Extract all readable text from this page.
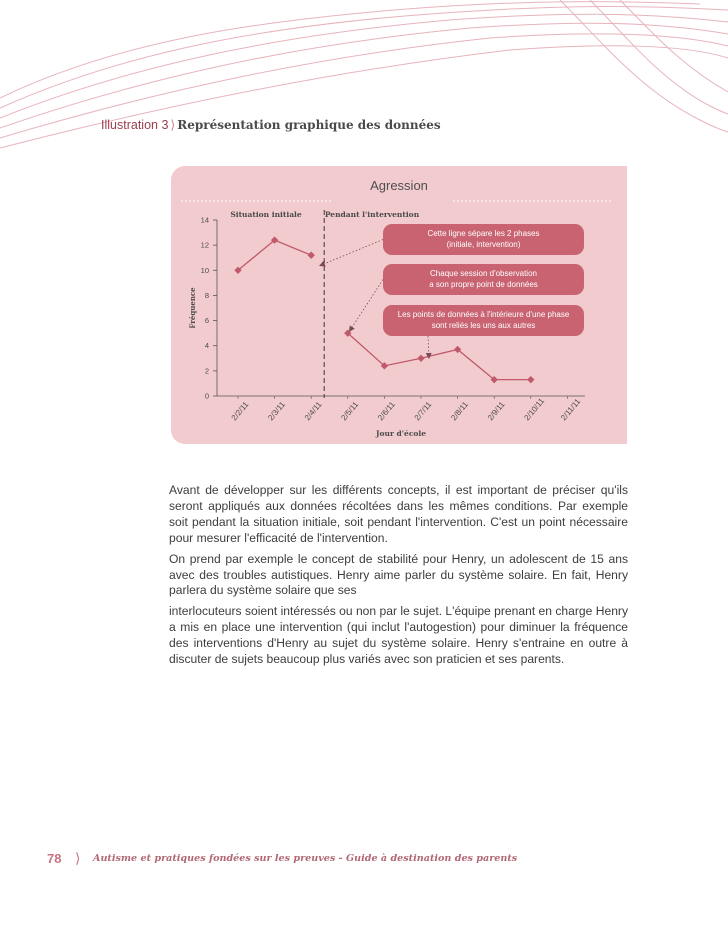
Illustration 3 ⟩ Représentation graphique des données
Agression
Situation initiale	Pendant l'intervention
Fréquence
Jour d'école
0
2
4
6
8
10
12
14
2/2/11 2/3/11 2/4/11 2/5/11 2/6/11 2/7/11 2/8/11 2/9/11 2/10/11 2/11/11
Cette ligne sépare les 2 phases
(initiale, intervention)
Chaque session d'observation
a son propre point de données
Les points de données à l'intérieure d'une phase
sont reliés les uns aux autres

Avant de développer sur les différents concepts, il est important de préciser qu'ils seront appliqués aux données récoltées dans les mêmes conditions. Par exemple soit pendant la situation initiale, soit pendant l'intervention. C'est un point nécessaire pour mesurer l'efficacité de l'intervention.

On prend par exemple le concept de stabilité pour Henry, un adolescent de 15 ans avec des troubles autistiques. Henry aime parler du système solaire. En fait, Henry parlera du système solaire que ses

interlocuteurs soient intéressés ou non par le sujet. L'équipe prenant en charge Henry a mis en place une intervention (qui inclut l'autogestion) pour diminuer la fréquence des interventions d'Henry au sujet du système solaire. Henry s'entraine en outre à discuter de sujets beaucoup plus variés avec son praticien et ses parents.

78 ⟩ Autisme et pratiques fondées sur les preuves - Guide à destination des parents
